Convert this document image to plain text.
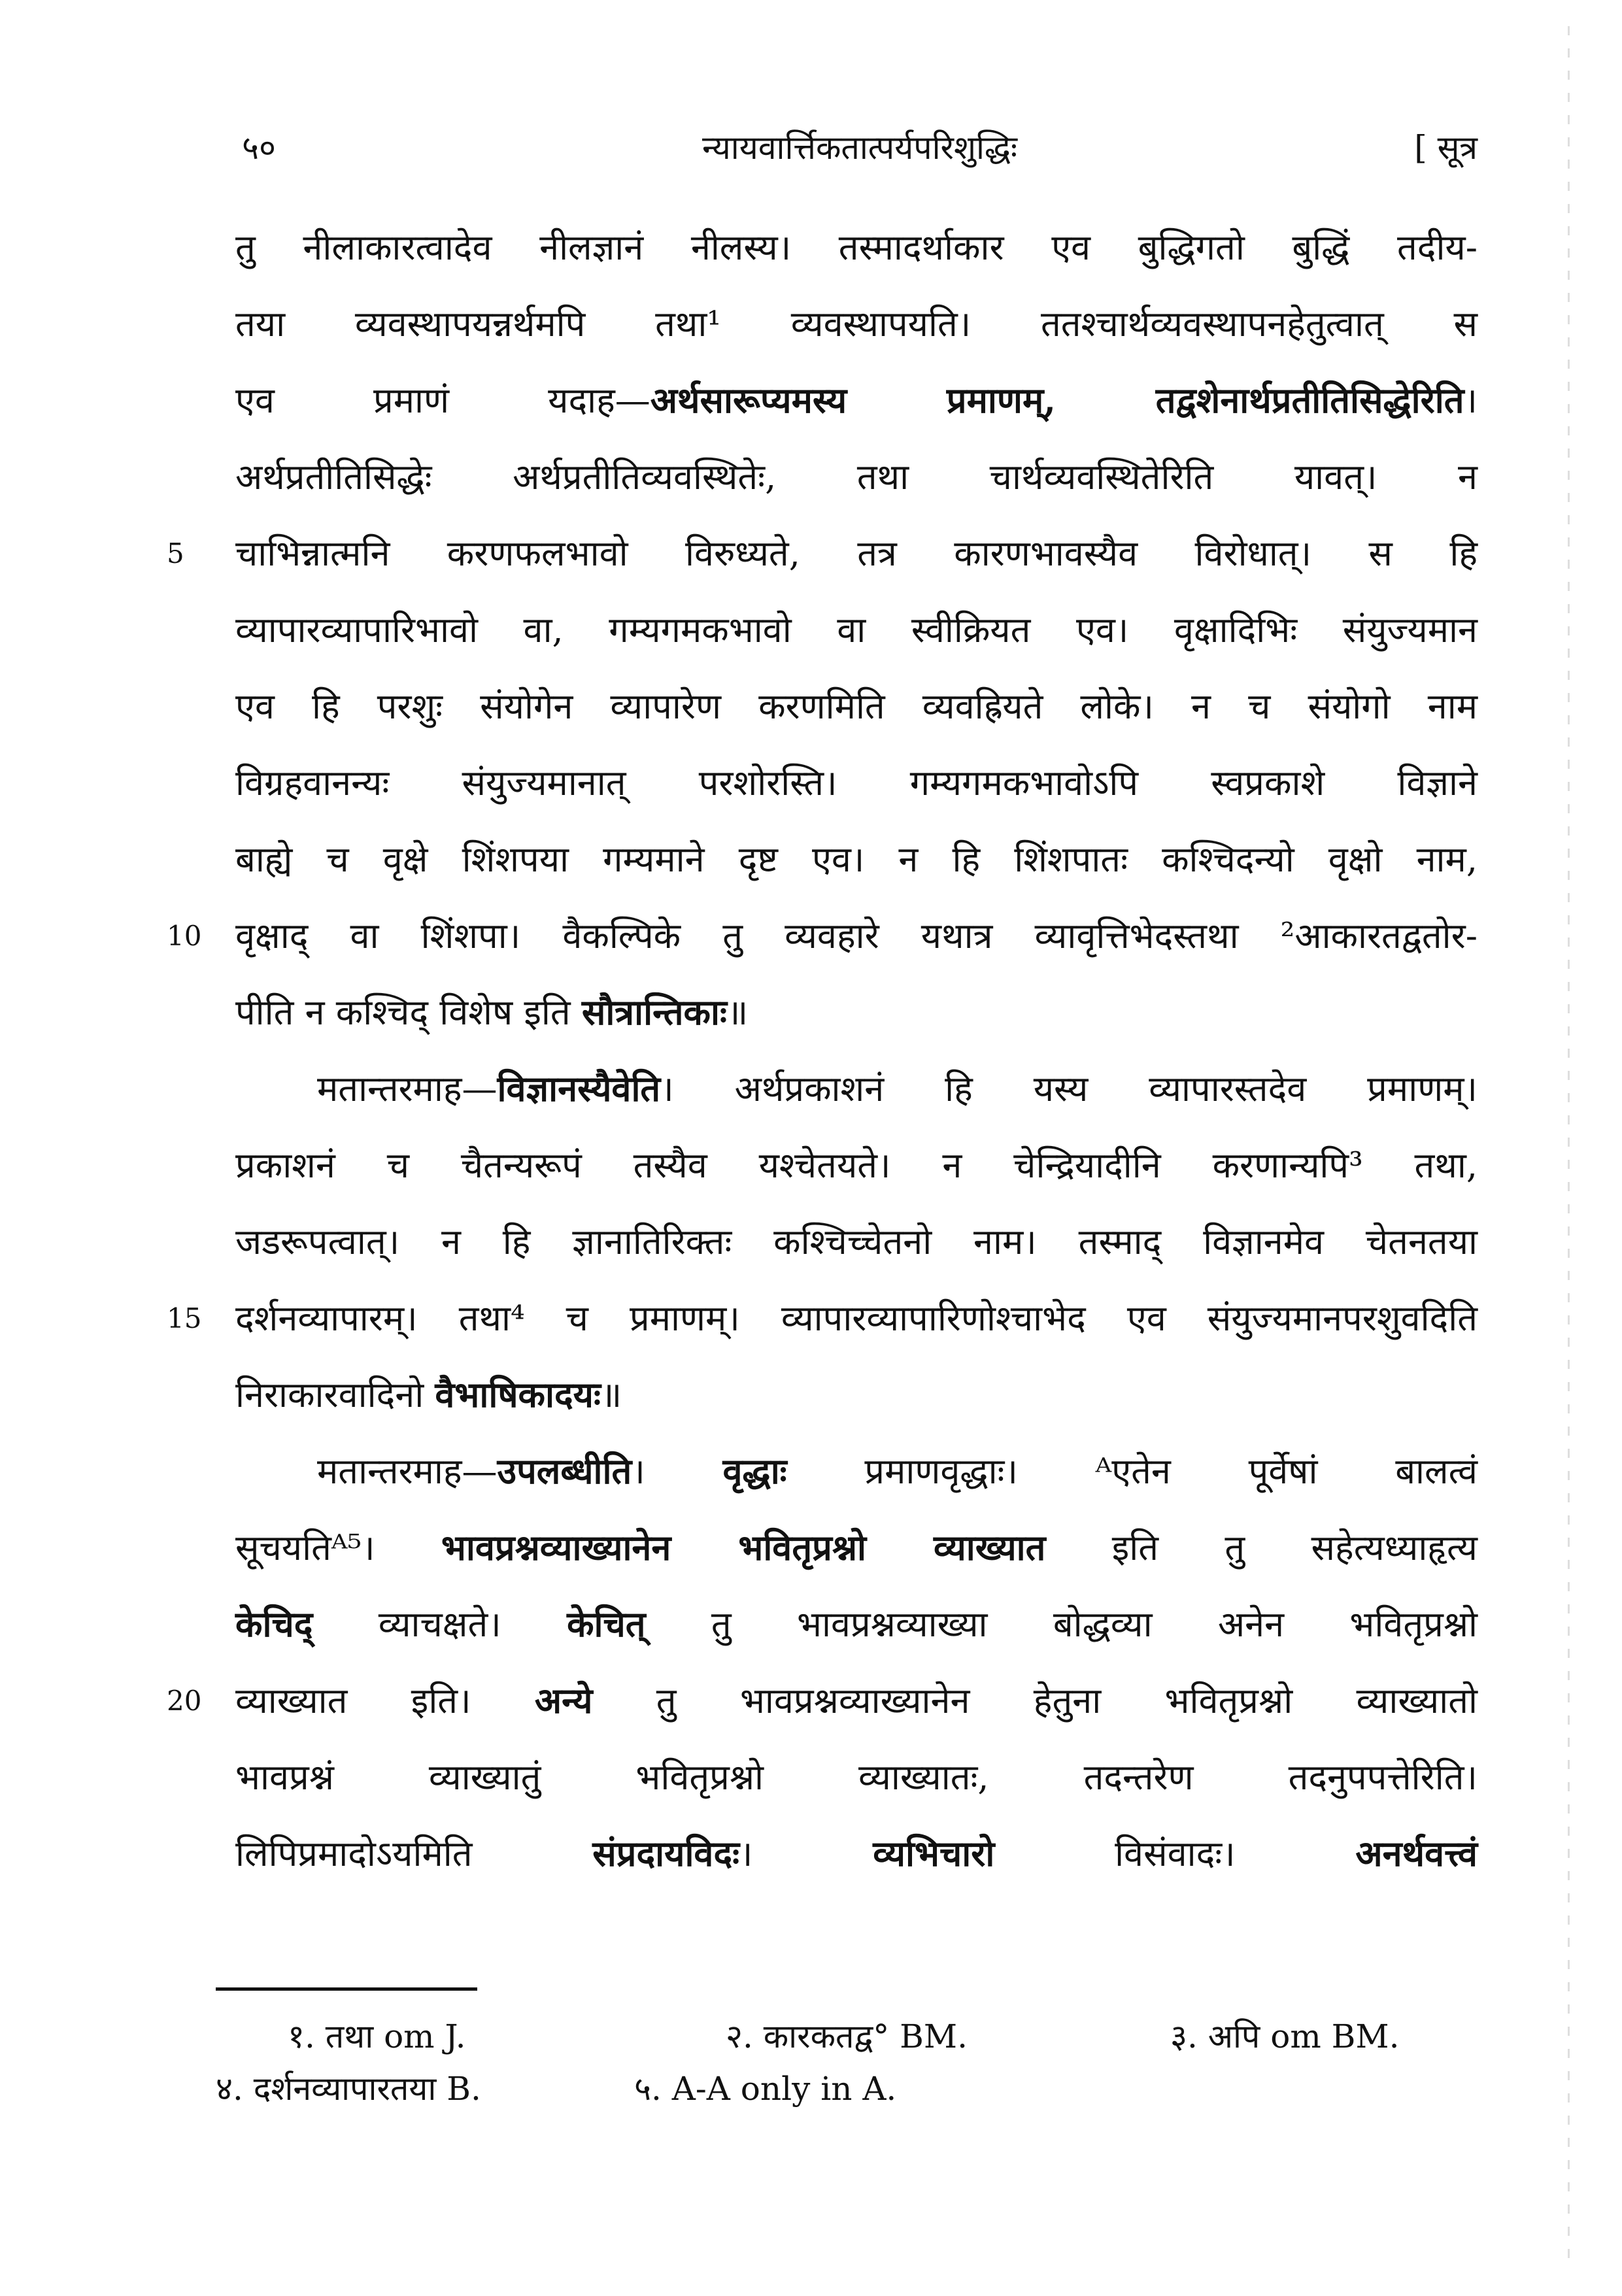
५०	न्यायवार्त्तिकतात्पर्यपरिशुद्धिः	[ सूत्र
तु नीलाकारत्वादेव नीलज्ञानं नीलस्य। तस्मादर्थाकार एव बुद्धिगतो बुद्धिं तदीय-
तया व्यवस्थापयन्नर्थमपि तथा¹ व्यवस्थापयति। ततश्चार्थव्यवस्थापनहेतुत्वात् स
एव प्रमाणं यदाह—अर्थसारूप्यमस्य प्रमाणम्, तद्वशेनार्थप्रतीतिसिद्धेरिति।
अर्थप्रतीतिसिद्धेः अर्थप्रतीतिव्यवस्थितेः, तथा चार्थव्यवस्थितेरिति यावत्। न
5	चाभिन्नात्मनि करणफलभावो विरुध्यते, तत्र कारणभावस्यैव विरोधात्। स हि
व्यापारव्यापारिभावो वा, गम्यगमकभावो वा स्वीक्रियत एव। वृक्षादिभिः संयुज्यमान
एव हि परशुः संयोगेन व्यापारेण करणमिति व्यवह्रियते लोके। न च संयोगो नाम
विग्रहवानन्यः संयुज्यमानात् परशोरस्ति। गम्यगमकभावोऽपि स्वप्रकाशे विज्ञाने
बाह्ये च वृक्षे शिंशपया गम्यमाने दृष्ट एव। न हि शिंशपातः कश्चिदन्यो वृक्षो नाम,
10 वृक्षाद् वा शिंशपा। वैकल्पिके तु व्यवहारे यथात्र व्यावृत्तिभेदस्तथा ²आकारतद्वतोर-
पीति न कश्चिद् विशेष इति सौत्रान्तिकाः॥
मतान्तरमाह—विज्ञानस्यैवेति। अर्थप्रकाशनं हि यस्य व्यापारस्तदेव प्रमाणम्।
प्रकाशनं च चैतन्यरूपं तस्यैव यश्चेतयते। न चेन्द्रियादीनि करणान्यपि³ तथा,
जडरूपत्वात्। न हि ज्ञानातिरिक्तः कश्चिच्चेतनो नाम। तस्माद् विज्ञानमेव चेतनतया
15 दर्शनव्यापारम्। तथा⁴ च प्रमाणम्। व्यापारव्यापारिणोश्चाभेद एव संयुज्यमानपरशुवदिति
निराकारवादिनो वैभाषिकादयः॥
मतान्तरमाह—उपलब्धीति। वृद्धाः प्रमाणवृद्धाः। ᴬएतेन पूर्वेषां बालत्वं
सूचयतिᴬ⁵। भावप्रश्नव्याख्यानेन भवितृप्रश्नो व्याख्यात इति तु सहेत्यध्याहृत्य
केचिद् व्याचक्षते। केचित् तु भावप्रश्नव्याख्या बोद्धव्या अनेन भवितृप्रश्नो
20 व्याख्यात इति। अन्ये तु भावप्रश्नव्याख्यानेन हेतुना भवितृप्रश्नो व्याख्यातो
भावप्रश्नं व्याख्यातुं भवितृप्रश्नो व्याख्यातः, तदन्तरेण तदनुपपत्तेरिति।
लिपिप्रमादोऽयमिति संप्रदायविदः। व्यभिचारो विसंवादः। अनर्थवत्त्वं
१. तथा om J.	२. कारकतद्व° BM.	३. अपि om BM.
४. दर्शनव्यापारतया B.	५. A-A only in A.
